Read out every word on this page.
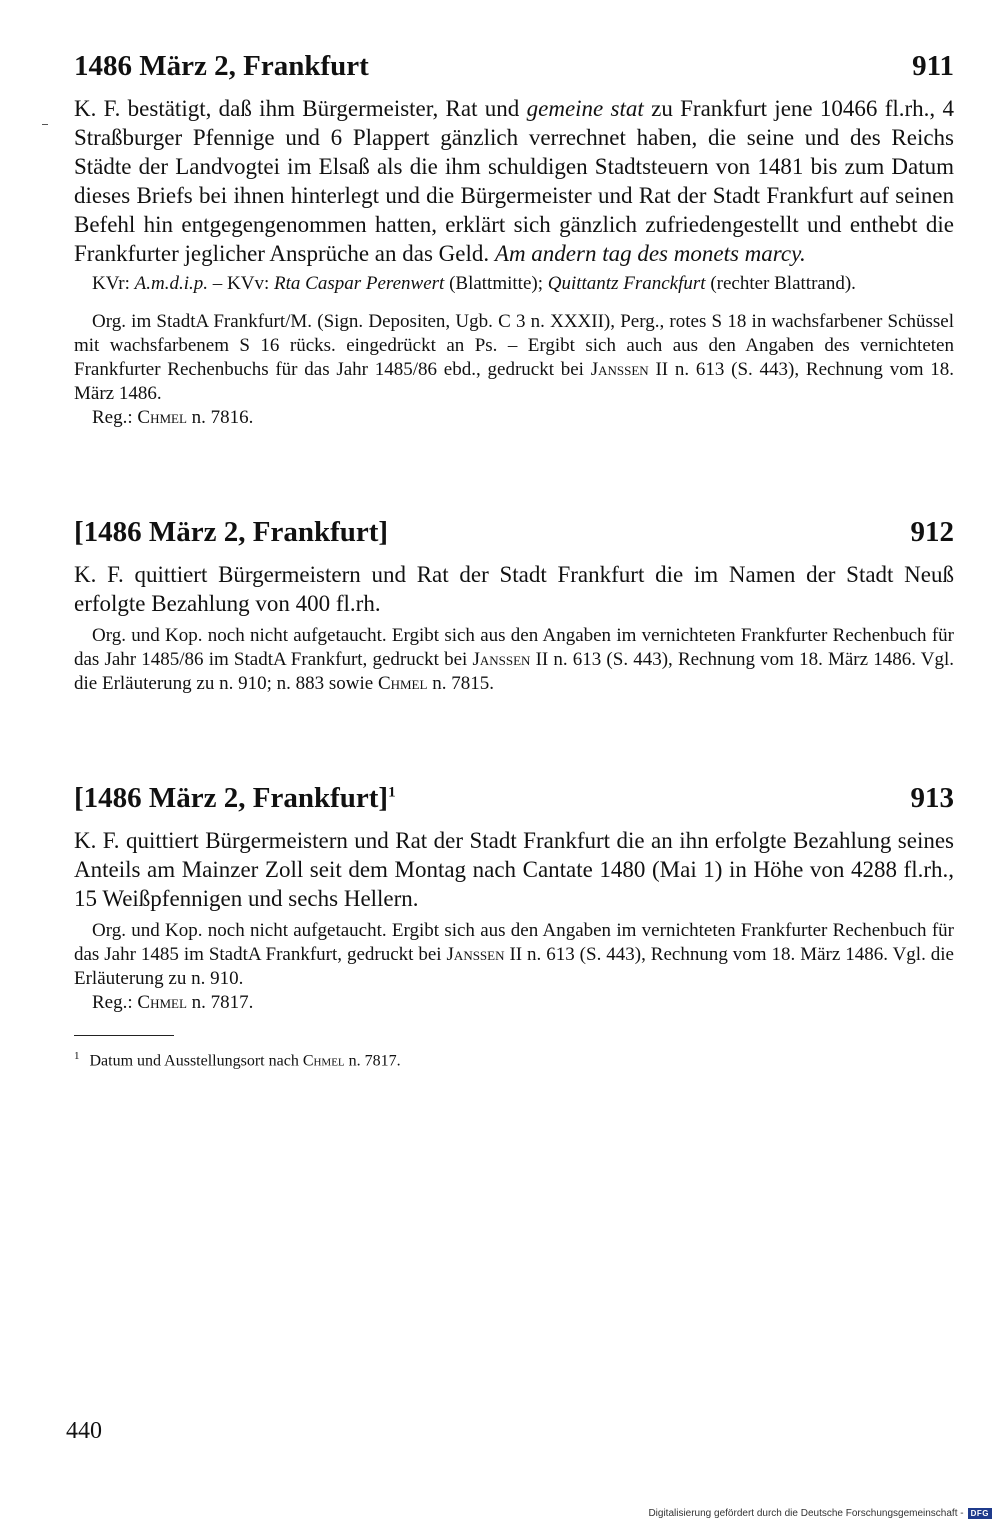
1486 März 2, Frankfurt	911

K. F. bestätigt, daß ihm Bürgermeister, Rat und gemeine stat zu Frankfurt jene 10466 fl.rh., 4 Straßburger Pfennige und 6 Plappert gänzlich verrechnet haben, die seine und des Reichs Städte der Landvogtei im Elsaß als die ihm schuldigen Stadtsteuern von 1481 bis zum Datum dieses Briefs bei ihnen hinterlegt und die Bürgermeister und Rat der Stadt Frankfurt auf seinen Befehl hin entgegengenommen hatten, erklärt sich gänzlich zufriedengestellt und enthebt die Frankfurter jeglicher Ansprüche an das Geld. Am andern tag des monets marcy.

KVr: A.m.d.i.p. – KVv: Rta Caspar Perenwert (Blattmitte); Quittantz Franckfurt (rechter Blattrand).

Org. im StadtA Frankfurt/M. (Sign. Depositen, Ugb. C 3 n. XXXII), Perg., rotes S 18 in wachsfarbener Schüssel mit wachsfarbenem S 16 rücks. eingedrückt an Ps. – Ergibt sich auch aus den Angaben des vernichteten Frankfurter Rechenbuchs für das Jahr 1485/86 ebd., gedruckt bei Janssen II n. 613 (S. 443), Rechnung vom 18. März 1486.

Reg.: Chmel n. 7816.

[1486 März 2, Frankfurt]	912

K. F. quittiert Bürgermeistern und Rat der Stadt Frankfurt die im Namen der Stadt Neuß erfolgte Bezahlung von 400 fl.rh.

Org. und Kop. noch nicht aufgetaucht. Ergibt sich aus den Angaben im vernichteten Frankfurter Rechenbuch für das Jahr 1485/86 im StadtA Frankfurt, gedruckt bei Janssen II n. 613 (S. 443), Rechnung vom 18. März 1486. Vgl. die Erläuterung zu n. 910; n. 883 sowie Chmel n. 7815.

[1486 März 2, Frankfurt]$^1$	913

K. F. quittiert Bürgermeistern und Rat der Stadt Frankfurt die an ihn erfolgte Bezahlung seines Anteils am Mainzer Zoll seit dem Montag nach Cantate 1480 (Mai 1) in Höhe von 4288 fl.rh., 15 Weißpfennigen und sechs Hellern.

Org. und Kop. noch nicht aufgetaucht. Ergibt sich aus den Angaben im vernichteten Frankfurter Rechenbuch für das Jahr 1485 im StadtA Frankfurt, gedruckt bei Janssen II n. 613 (S. 443), Rechnung vom 18. März 1486. Vgl. die Erläuterung zu n. 910.

Reg.: Chmel n. 7817.

$^1$ Datum und Ausstellungsort nach Chmel n. 7817.

440
Digitalisierung gefördert durch die Deutsche Forschungsgemeinschaft - DFG
